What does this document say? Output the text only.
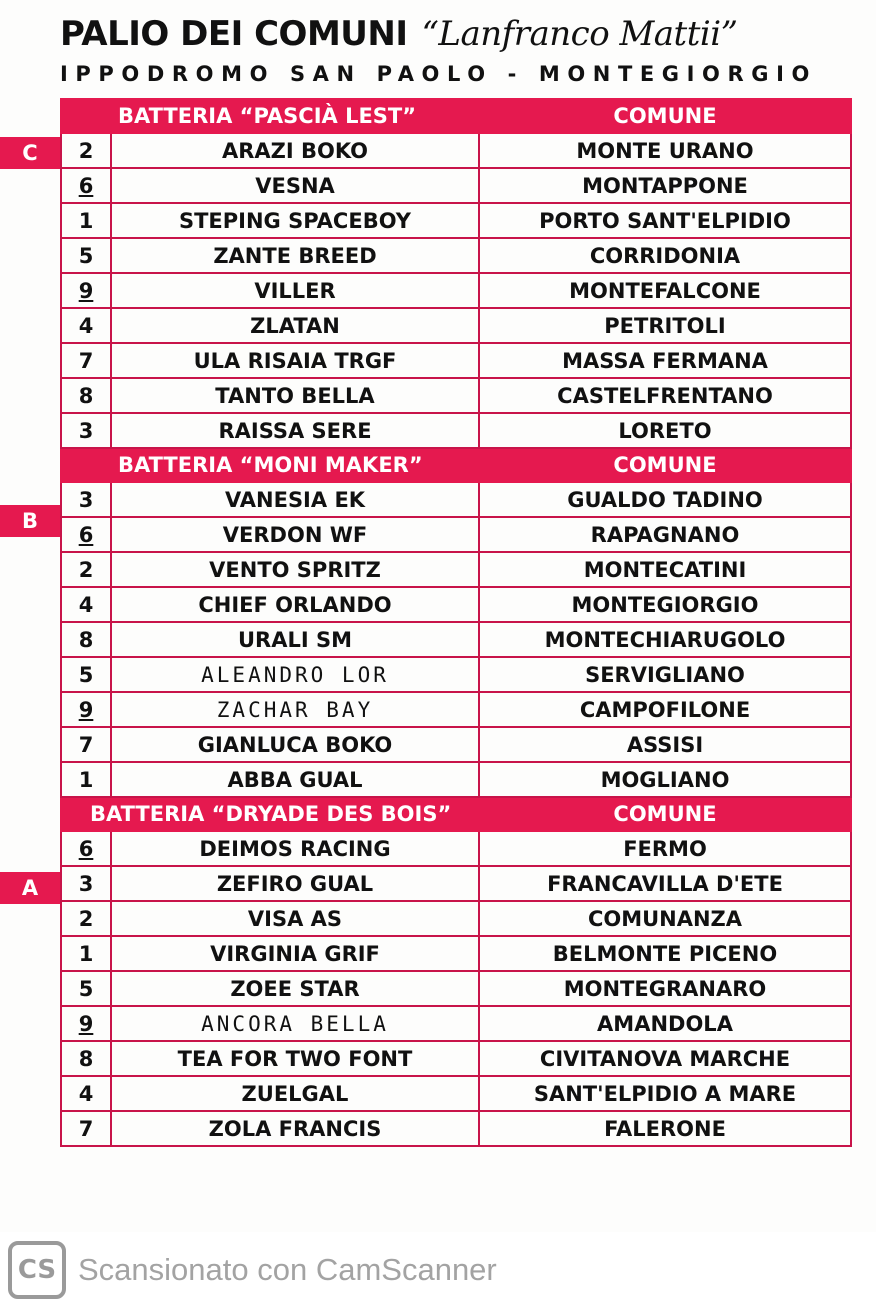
PALIO DEI COMUNI “Lanfranco Mattii”
IPPODROMO SAN PAOLO - MONTEGIORGIO
C
B
A
BATTERIA “PASCIÀ LEST”		COMUNE
2	ARAZI BOKO	MONTE URANO
6	VESNA	MONTAPPONE
1	STEPING SPACEBOY	PORTO SANT'ELPIDIO
5	ZANTE BREED	CORRIDONIA
9	VILLER	MONTEFALCONE
4	ZLATAN	PETRITOLI
7	ULA RISAIA TRGF	MASSA FERMANA
8	TANTO BELLA	CASTELFRENTANO
3	RAISSA SERE	LORETO
BATTERIA “MONI MAKER”		COMUNE
3	VANESIA EK	GUALDO TADINO
6	VERDON WF	RAPAGNANO
2	VENTO SPRITZ	MONTECATINI
4	CHIEF ORLANDO	MONTEGIORGIO
8	URALI SM	MONTECHIARUGOLO
5	ALEANDRO LOR	SERVIGLIANO
9	ZACHAR BAY	CAMPOFILONE
7	GIANLUCA BOKO	ASSISI
1	ABBA GUAL	MOGLIANO
BATTERIA “DRYADE DES BOIS”		COMUNE
6	DEIMOS RACING	FERMO
3	ZEFIRO GUAL	FRANCAVILLA D'ETE
2	VISA AS	COMUNANZA
1	VIRGINIA GRIF	BELMONTE PICENO
5	ZOEE STAR	MONTEGRANARO
9	ANCORA BELLA	AMANDOLA
8	TEA FOR TWO FONT	CIVITANOVA MARCHE
4	ZUELGAL	SANT'ELPIDIO A MARE
7	ZOLA FRANCIS	FALERONE
CS Scansionato con CamScanner
